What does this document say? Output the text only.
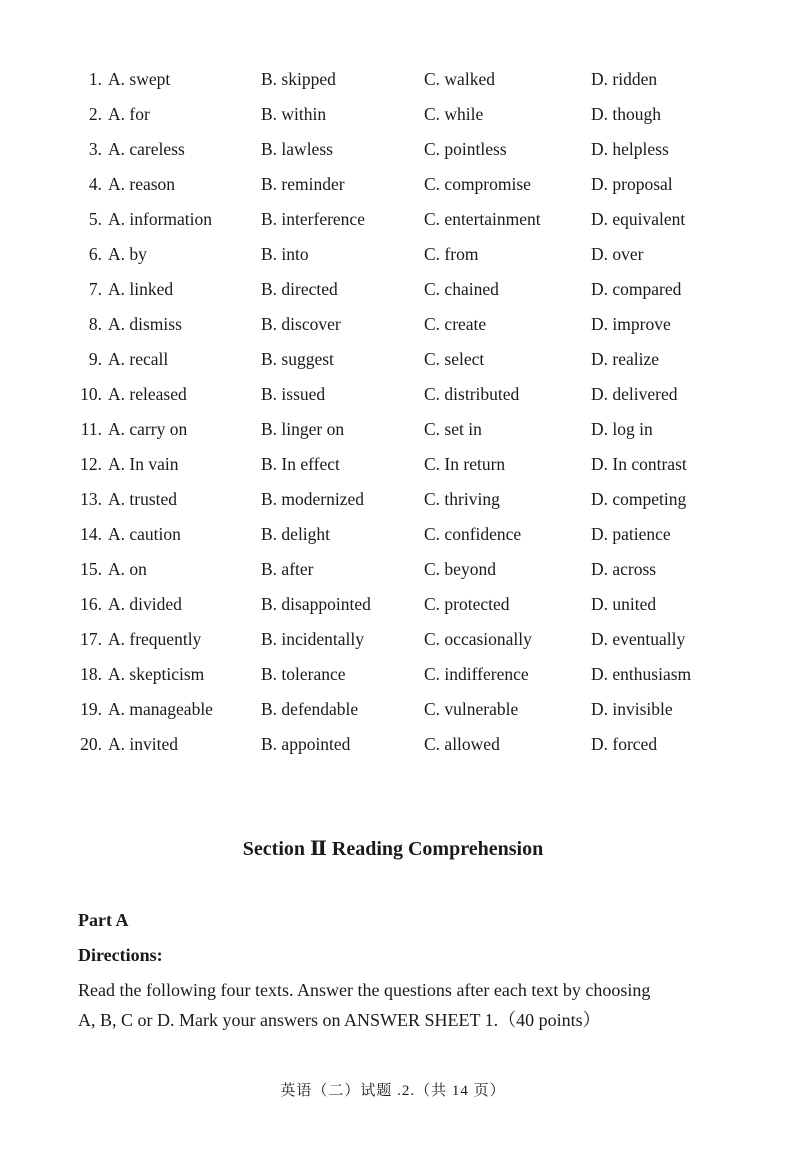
1. A. swept	B. skipped	C. walked	D. ridden
2. A. for	B. within	C. while	D. though
3. A. careless	B. lawless	C. pointless	D. helpless
4. A. reason	B. reminder	C. compromise	D. proposal
5. A. information	B. interference	C. entertainment	D. equivalent
6. A. by	B. into	C. from	D. over
7. A. linked	B. directed	C. chained	D. compared
8. A. dismiss	B. discover	C. create	D. improve
9. A. recall	B. suggest	C. select	D. realize
10. A. released	B. issued	C. distributed	D. delivered
11. A. carry on	B. linger on	C. set in	D. log in
12. A. In vain	B. In effect	C. In return	D. In contrast
13. A. trusted	B. modernized	C. thriving	D. competing
14. A. caution	B. delight	C. confidence	D. patience
15. A. on	B. after	C. beyond	D. across
16. A. divided	B. disappointed	C. protected	D. united
17. A. frequently	B. incidentally	C. occasionally	D. eventually
18. A. skepticism	B. tolerance	C. indifference	D. enthusiasm
19. A. manageable	B. defendable	C. vulnerable	D. invisible
20. A. invited	B. appointed	C. allowed	D. forced
Section Ⅱ Reading Comprehension
Part A
Directions:
Read the following four texts. Answer the questions after each text by choosing
A, B, C or D. Mark your answers on ANSWER SHEET 1.（40 points）
英语（二）试题 .2.（共 14 页）
